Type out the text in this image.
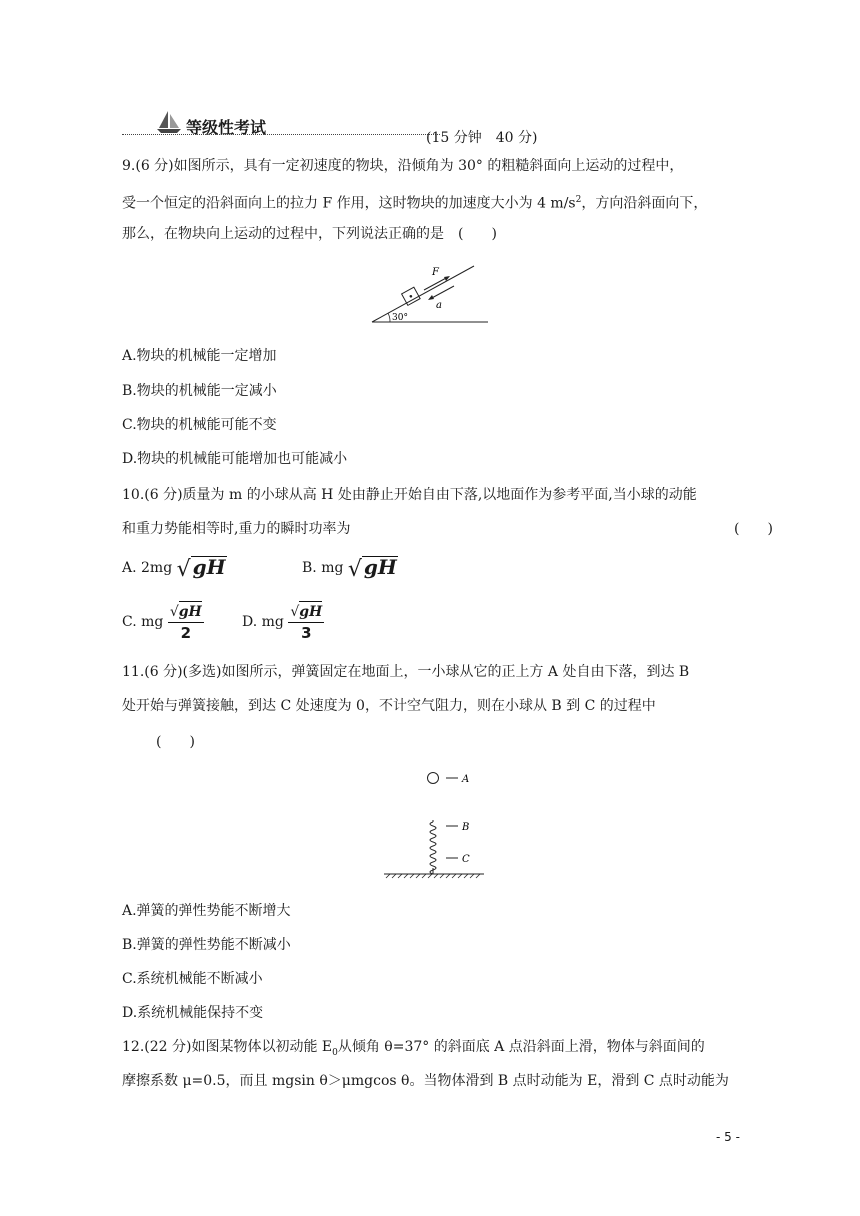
等级性考试
(15 分钟　40 分)
9.(6 分)如图所示，具有一定初速度的物块，沿倾角为 30° 的粗糙斜面向上运动的过程中，
受一个恒定的沿斜面向上的拉力 F 作用，这时物块的加速度大小为 4 $m/s^2$，方向沿斜面向下，
那么，在物块向上运动的过程中，下列说法正确的是　(　　)
F
a
30°
A.物块的机械能一定增加
B.物块的机械能一定减小
C.物块的机械能可能不变
D.物块的机械能可能增加也可能减小
10.(6 分)质量为 m 的小球从高 H 处由静止开始自由下落,以地面作为参考平面,当小球的动能
和重力势能相等时,重力的瞬时功率为	(　　)
A. 2mg √ gH	B. mg √ gH
C. mg $\frac{√gH}{2}$	D. mg $\frac{√gH}{3}$
11.(6 分)(多选)如图所示，弹簧固定在地面上，一小球从它的正上方 A 处自由下落，到达 B
处开始与弹簧接触，到达 C 处速度为 0，不计空气阻力，则在小球从 B 到 C 的过程中
(　　)
A
B
C
A.弹簧的弹性势能不断增大
B.弹簧的弹性势能不断减小
C.系统机械能不断减小
D.系统机械能保持不变
12.(22 分)如图某物体以初动能 $E_0$从倾角 θ=37° 的斜面底 A 点沿斜面上滑，物体与斜面间的
摩擦系数 μ=0.5，而且 mgsin θ＞μmgcos θ。当物体滑到 B 点时动能为 E，滑到 C 点时动能为
- 5 -
